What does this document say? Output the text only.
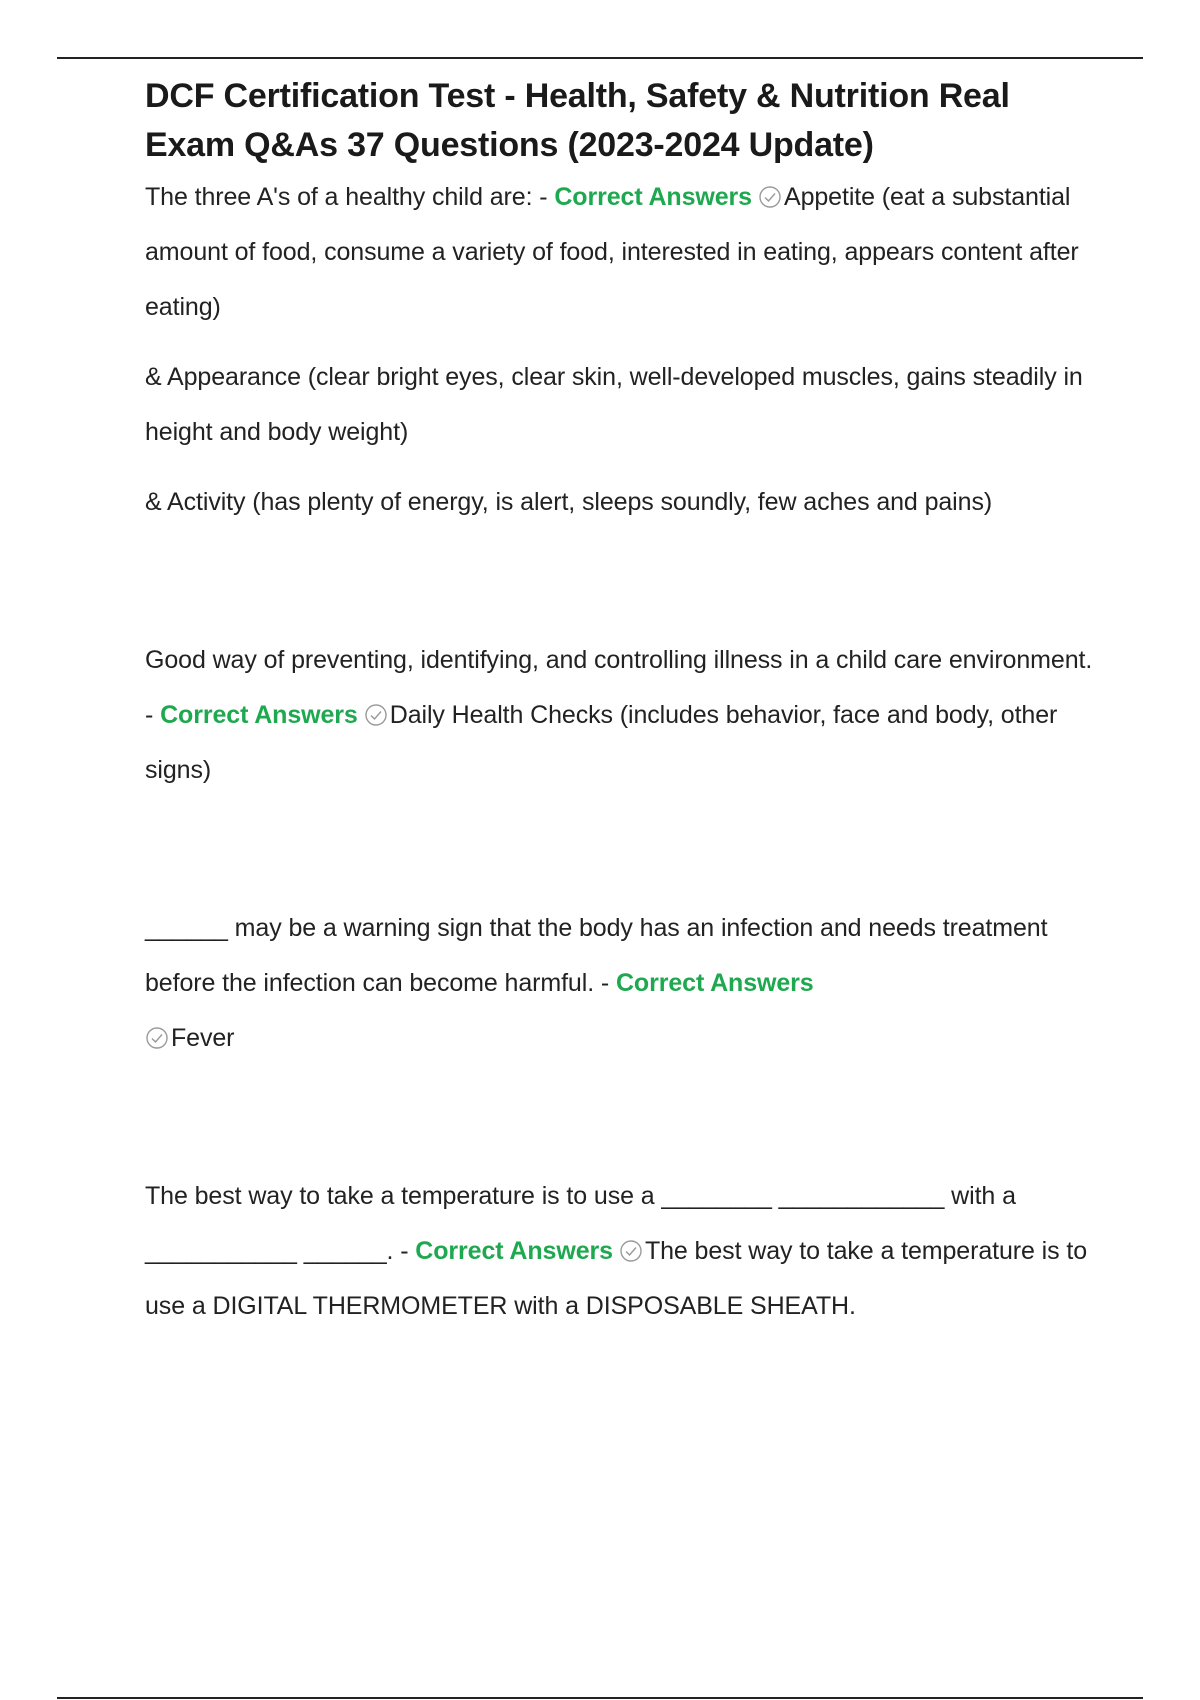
DCF Certification Test - Health, Safety & Nutrition Real Exam Q&As 37 Questions (2023-2024 Update)

The three A's of a healthy child are: - Correct Answers Appetite (eat a substantial amount of food, consume a variety of food, interested in eating, appears content after eating)

& Appearance (clear bright eyes, clear skin, well-developed muscles, gains steadily in height and body weight)

& Activity (has plenty of energy, is alert, sleeps soundly, few aches and pains)

Good way of preventing, identifying, and controlling illness in a child care environment. - Correct Answers Daily Health Checks (includes behavior, face and body, other signs)

______ may be a warning sign that the body has an infection and needs treatment before the infection can become harmful. - Correct Answers

Fever

The best way to take a temperature is to use a ________ ____________ with a ___________ ______. - Correct Answers The best way to take a temperature is to use a DIGITAL THERMOMETER with a DISPOSABLE SHEATH.
